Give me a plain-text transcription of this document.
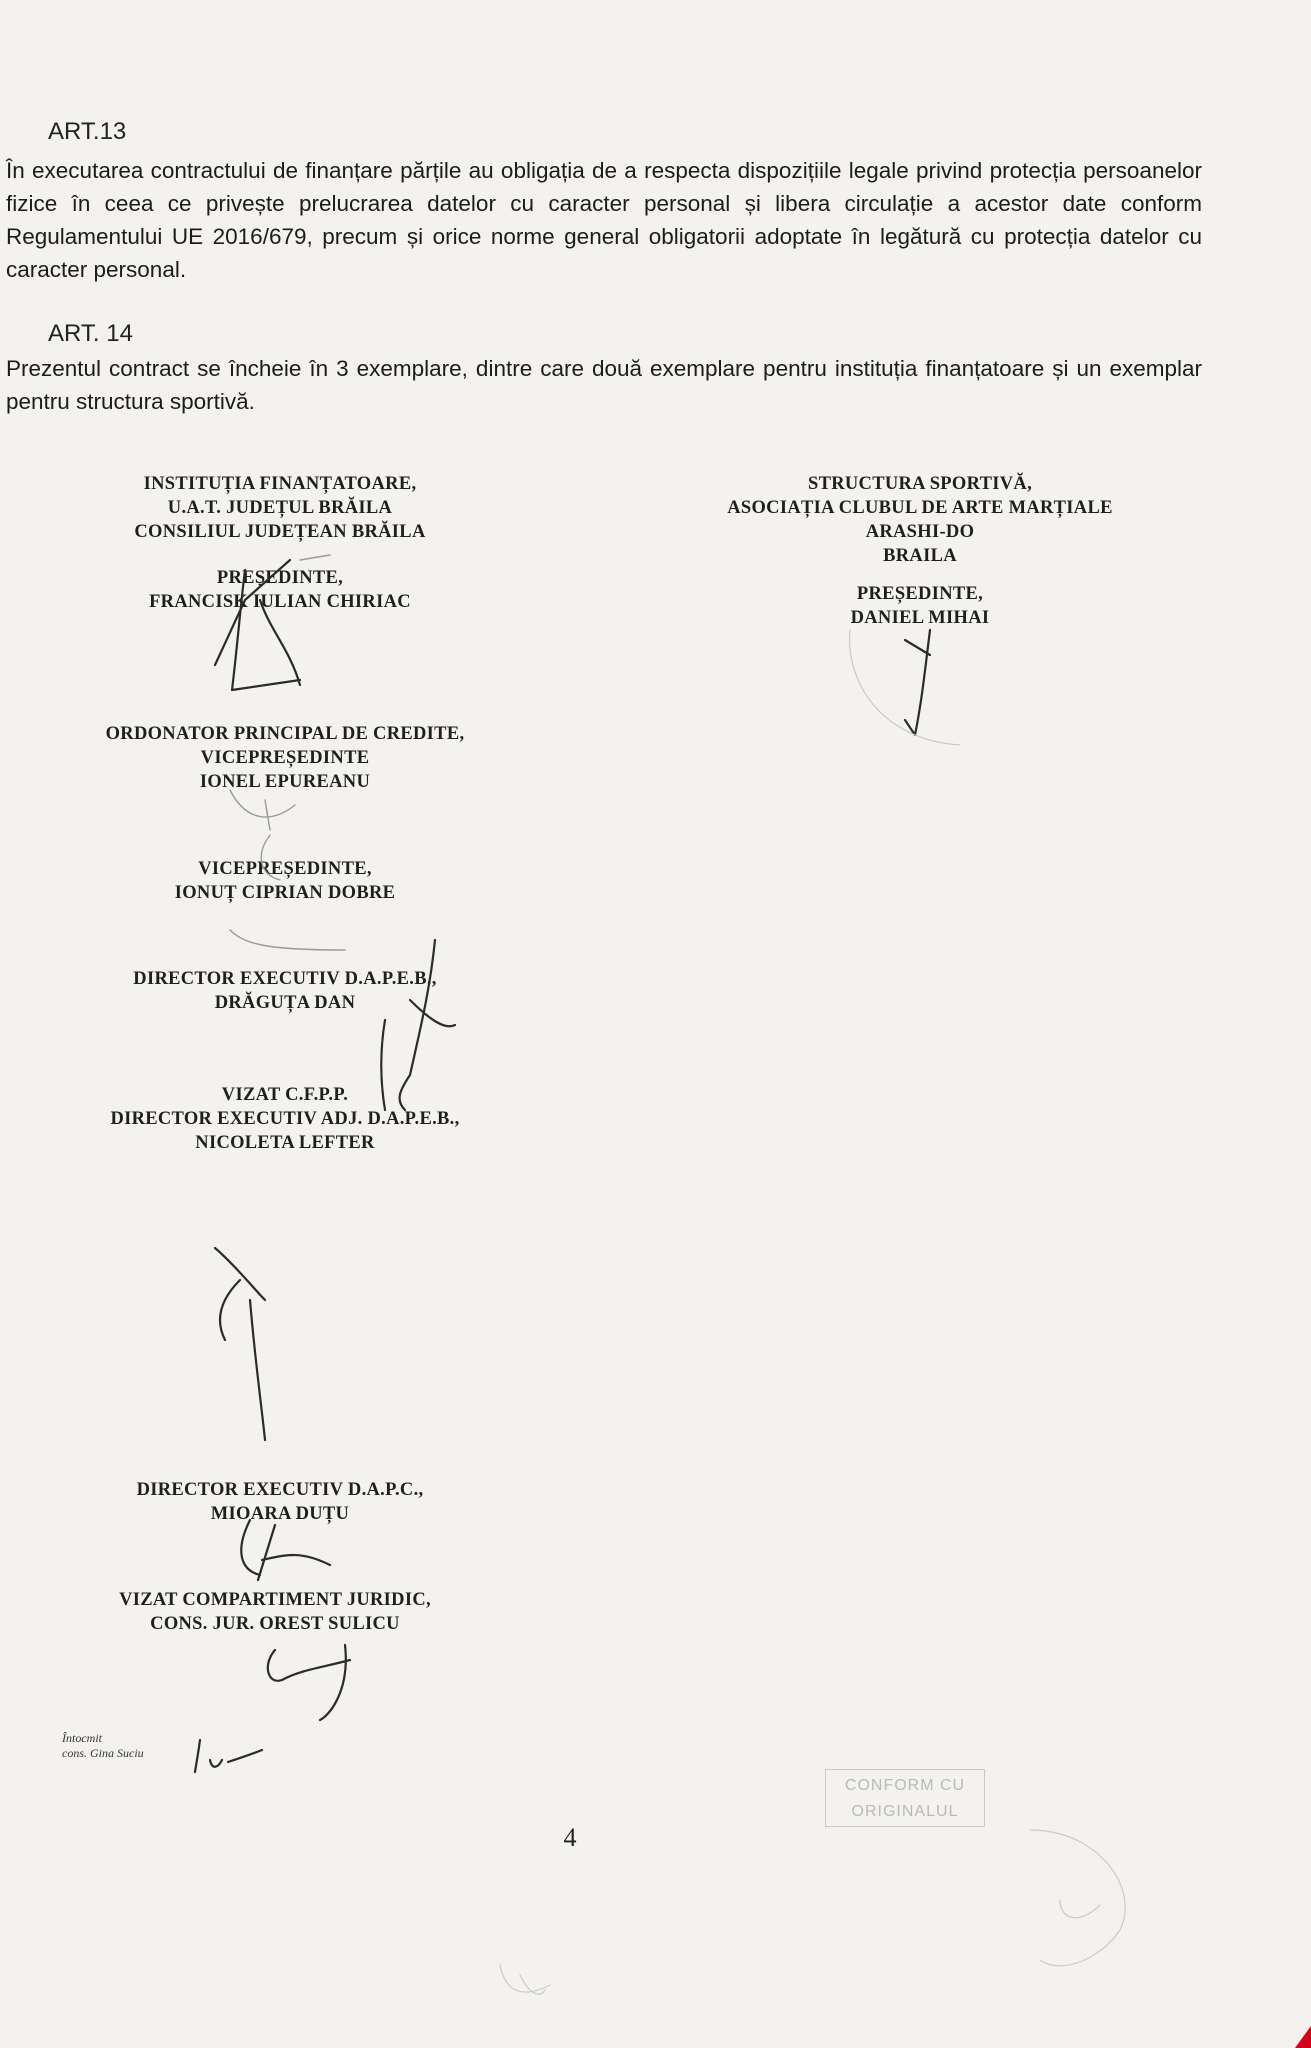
ART.13
În executarea contractului de finanțare părțile au obligația de a respecta dispozițiile legale privind protecția persoanelor fizice în ceea ce privește prelucrarea datelor cu caracter personal și libera circulație a acestor date conform Regulamentului UE 2016/679, precum și orice norme general obligatorii adoptate în legătură cu protecția datelor cu caracter personal.
ART. 14
Prezentul contract se încheie în 3 exemplare, dintre care două exemplare pentru instituția finanțatoare și un exemplar pentru structura sportivă.
INSTITUȚIA FINANȚATOARE,
U.A.T. JUDEȚUL BRĂILA
CONSILIUL JUDEȚEAN BRĂILA
PREȘEDINTE,
FRANCISK IULIAN CHIRIAC
STRUCTURA SPORTIVĂ,
ASOCIAȚIA CLUBUL DE ARTE MARȚIALE
ARASHI-DO
BRAILA
PREȘEDINTE,
DANIEL MIHAI
ORDONATOR PRINCIPAL DE CREDITE,
VICEPREȘEDINTE
IONEL EPUREANU
VICEPREȘEDINTE,
IONUȚ CIPRIAN DOBRE
DIRECTOR EXECUTIV D.A.P.E.B.,
DRĂGUȚA DAN
VIZAT C.F.P.P.
DIRECTOR EXECUTIV ADJ. D.A.P.E.B.,
NICOLETA LEFTER
DIRECTOR EXECUTIV D.A.P.C.,
MIOARA DUȚU
VIZAT COMPARTIMENT JURIDIC,
CONS. JUR. OREST SULICU
Întocmit
cons. Gina Suciu
4
CONFORM CU
ORIGINALUL
